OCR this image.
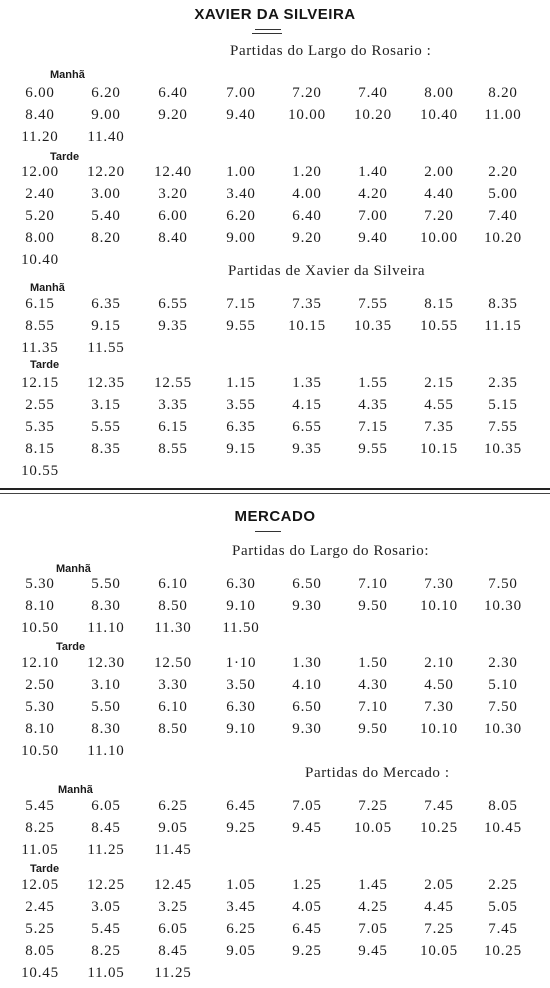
XAVIER DA SILVEIRA
Partidas do Largo do Rosario :
Manhã
6.00	6.20	6.40	7.00	7.20	7.40	8.00	8.20
8.40	9.00	9.20	9.40	10.00	10.20	10.40	11.00
11.20	11.40
Tarde
12.00	12.20	12.40	1.00	1.20	1.40	2.00	2.20
2.40	3.00	3.20	3.40	4.00	4.20	4.40	5.00
5.20	5.40	6.00	6.20	6.40	7.00	7.20	7.40
8.00	8.20	8.40	9.00	9.20	9.40	10.00	10.20
10.40
Partidas de Xavier da Silveira
Manhã
6.15	6.35	6.55	7.15	7.35	7.55	8.15	8.35
8.55	9.15	9.35	9.55	10.15	10.35	10.55	11.15
11.35	11.55
Tarde
12.15	12.35	12.55	1.15	1.35	1.55	2.15	2.35
2.55	3.15	3.35	3.55	4.15	4.35	4.55	5.15
5.35	5.55	6.15	6.35	6.55	7.15	7.35	7.55
8.15	8.35	8.55	9.15	9.35	9.55	10.15	10.35
10.55
MERCADO
Partidas do Largo do Rosario:
Manhã
5.30	5.50	6.10	6.30	6.50	7.10	7.30	7.50
8.10	8.30	8.50	9.10	9.30	9.50	10.10	10.30
10.50	11.10	11.30	11.50
Tarde
12.10	12.30	12.50	1·10	1.30	1.50	2.10	2.30
2.50	3.10	3.30	3.50	4.10	4.30	4.50	5.10
5.30	5.50	6.10	6.30	6.50	7.10	7.30	7.50
8.10	8.30	8.50	9.10	9.30	9.50	10.10	10.30
10.50	11.10
Partidas do Mercado :
Manhã
5.45	6.05	6.25	6.45	7.05	7.25	7.45	8.05
8.25	8.45	9.05	9.25	9.45	10.05	10.25	10.45
11.05	11.25	11.45
Tarde
12.05	12.25	12.45	1.05	1.25	1.45	2.05	2.25
2.45	3.05	3.25	3.45	4.05	4.25	4.45	5.05
5.25	5.45	6.05	6.25	6.45	7.05	7.25	7.45
8.05	8.25	8.45	9.05	9.25	9.45	10.05	10.25
10.45	11.05	11.25
